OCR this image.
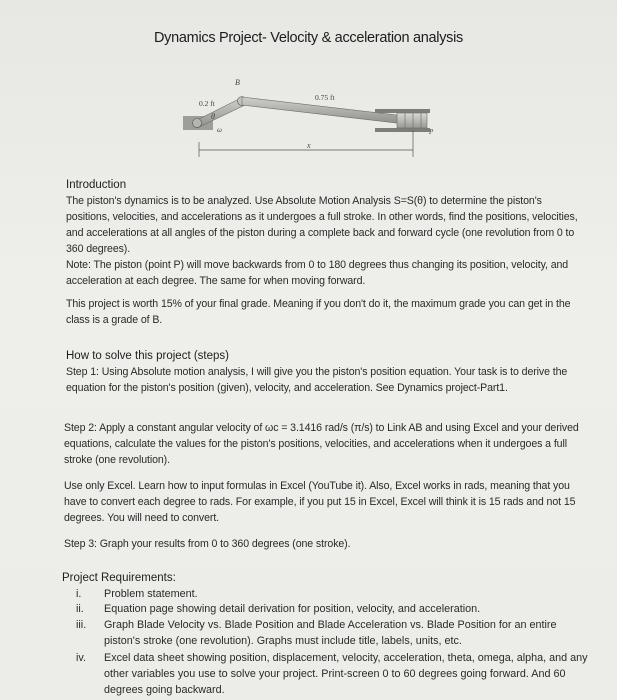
Dynamics Project- Velocity & acceleration analysis
B
0.2 ft
0.75 ft
θ
ω	P
x
Introduction
The piston's dynamics is to be analyzed. Use Absolute Motion Analysis S=S(θ) to determine the piston's positions, velocities, and accelerations as it undergoes a full stroke. In other words, find the positions, velocities, and accelerations at all angles of the piston during a complete back and forward cycle (one revolution from 0 to 360 degrees).
Note: The piston (point P) will move backwards from 0 to 180 degrees thus changing its position, velocity, and acceleration at each degree. The same for when moving forward.
This project is worth 15% of your final grade. Meaning if you don't do it, the maximum grade you can get in the class is a grade of B.
How to solve this project (steps)
Step 1: Using Absolute motion analysis, I will give you the piston's position equation. Your task is to derive the equation for the piston's position (given), velocity, and acceleration. See Dynamics project-Part1.
Step 2: Apply a constant angular velocity of ωc = 3.1416 rad/s (π/s) to Link AB and using Excel and your derived equations, calculate the values for the piston's positions, velocities, and accelerations when it undergoes a full stroke (one revolution).
Use only Excel. Learn how to input formulas in Excel (YouTube it). Also, Excel works in rads, meaning that you have to convert each degree to rads. For example, if you put 15 in Excel, Excel will think it is 15 rads and not 15 degrees. You will need to convert.
Step 3: Graph your results from 0 to 360 degrees (one stroke).
Project Requirements:
i.	Problem statement.
ii.	Equation page showing detail derivation for position, velocity, and acceleration.
iii.	Graph Blade Velocity vs. Blade Position and Blade Acceleration vs. Blade Position for an entire piston's stroke (one revolution). Graphs must include title, labels, units, etc.
iv.	Excel data sheet showing position, displacement, velocity, acceleration, theta, omega, alpha, and any other variables you use to solve your project. Print-screen 0 to 60 degrees going forward. And 60 degrees going backward.
